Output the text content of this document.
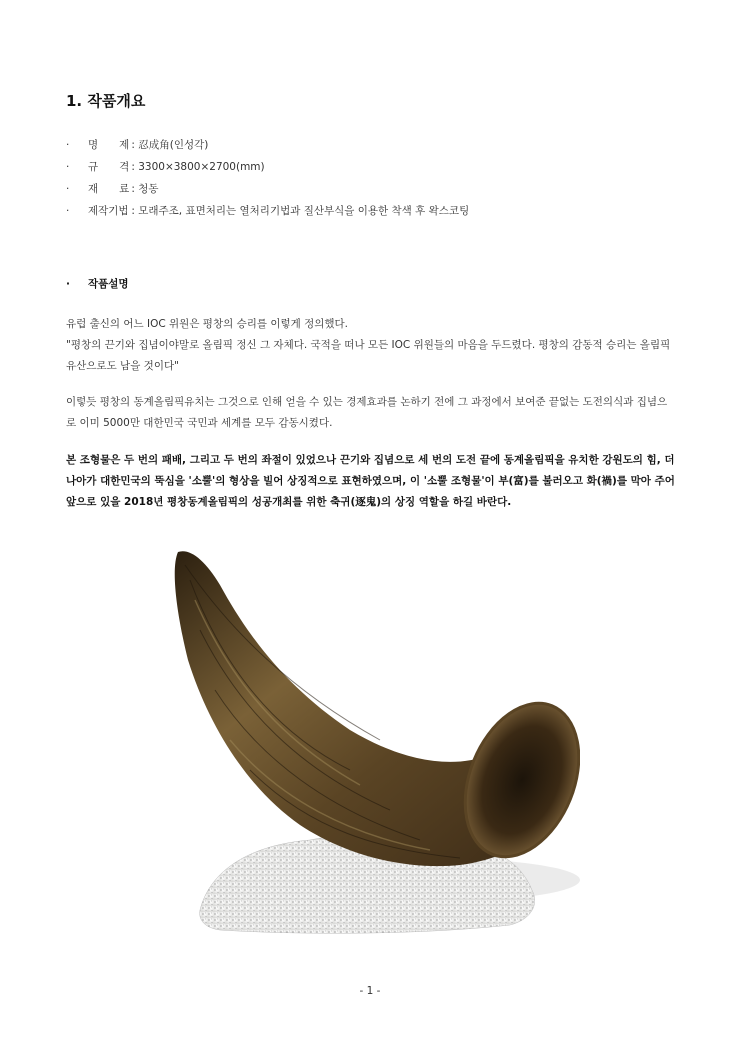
1. 작품개요
· 명　　제 : 忍成角(인성각)
· 규　　격 : 3300×3800×2700(mm)
· 재　　료 : 청동
· 제작기법 : 모래주조, 표면처리는 열처리기법과 질산부식을 이용한 착색 후 왁스코팅
· 작품설명

유럽 출신의 어느 IOC 위원은 평창의 승리를 이렇게 정의했다.
"평창의 끈기와 집념이야말로 올림픽 정신 그 자체다. 국적을 떠나 모든 IOC 위원들의 마음을 두드렸다. 평창의 감동적 승리는 올림픽 유산으로도 남을 것이다"

이렇듯 평창의 동계올림픽유치는 그것으로 인해 얻을 수 있는 경제효과를 논하기 전에 그 과정에서 보여준 끝없는 도전의식과 집념으로 이미 5000만 대한민국 국민과 세계를 모두 감동시켰다.

본 조형물은 두 번의 패배, 그리고 두 번의 좌절이 있었으나 끈기와 집념으로 세 번의 도전 끝에 동계올림픽을 유치한 강원도의 힘, 더 나아가 대한민국의 뚝심을 '소뿔'의 형상을 빌어 상징적으로 표현하였으며, 이 '소뿔 조형물'이 부(富)를 불러오고 화(禍)를 막아 주어 앞으로 있을 2018년 평창동계올림픽의 성공개최를 위한 축귀(逐鬼)의 상징 역할을 하길 바란다.

- 1 -
